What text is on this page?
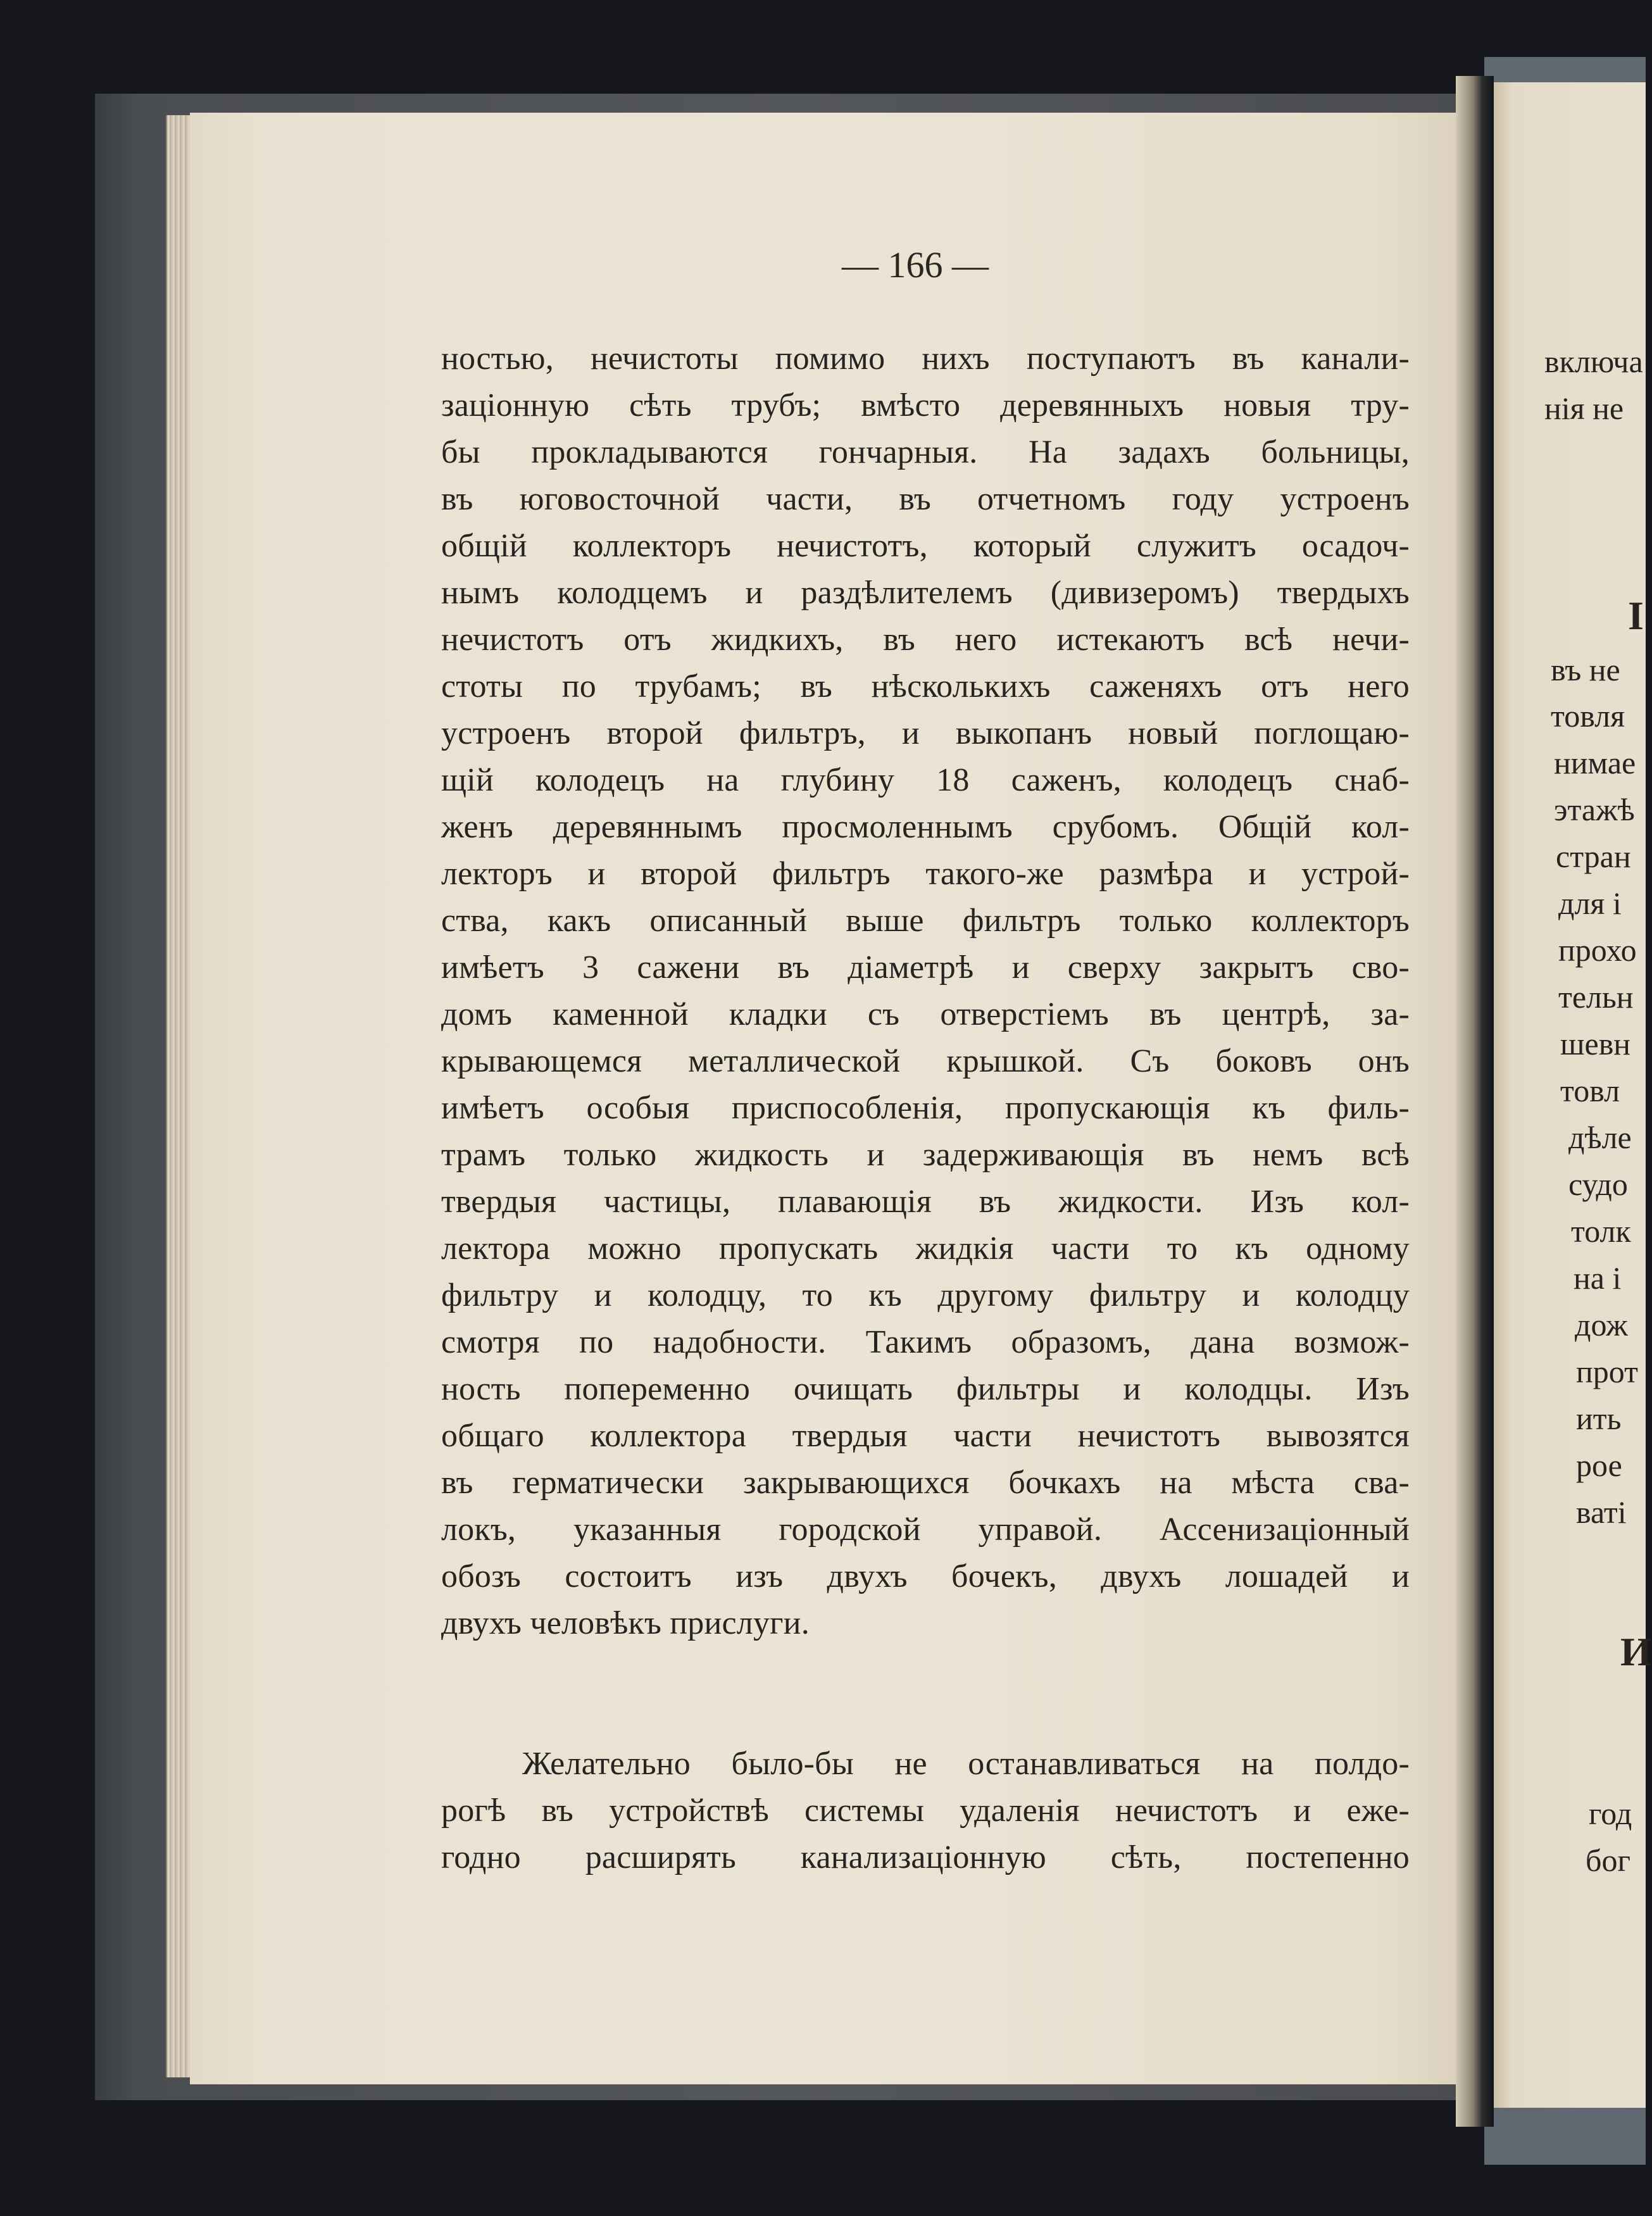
— 166 —
ностью, нечистоты помимо нихъ поступаютъ въ канали-
заціонную сѣть трубъ; вмѣсто деревянныхъ новыя тру-
бы прокладываются гончарныя. На задахъ больницы,
въ юговосточной части, въ отчетномъ году устроенъ
общій коллекторъ нечистотъ, который служитъ осадоч-
нымъ колодцемъ и раздѣлителемъ (дивизеромъ) твердыхъ
нечистотъ отъ жидкихъ, въ него истекаютъ всѣ нечи-
стоты по трубамъ; въ нѣсколькихъ саженяхъ отъ него
устроенъ второй фильтръ, и выкопанъ новый поглощаю-
щій колодецъ на глубину 18 саженъ, колодецъ снаб-
женъ деревяннымъ просмоленнымъ срубомъ. Общій кол-
лекторъ и второй фильтръ такого-же размѣра и устрой-
ства, какъ описанный выше фильтръ только коллекторъ
имѣетъ 3 сажени въ діаметрѣ и сверху закрытъ сво-
домъ каменной кладки съ отверстіемъ въ центрѣ, за-
крывающемся металлической крышкой. Съ боковъ онъ
имѣетъ особыя приспособленія, пропускающія къ филь-
трамъ только жидкость и задерживающія въ немъ всѣ
твердыя частицы, плавающія въ жидкости. Изъ кол-
лектора можно пропускать жидкія части то къ одному
фильтру и колодцу, то къ другому фильтру и колодцу
смотря по надобности. Такимъ образомъ, дана возмож-
ность попеременно очищать фильтры и колодцы. Изъ
общаго коллектора твердыя части нечистотъ вывозятся
въ герматически закрывающихся бочкахъ на мѣста сва-
локъ, указанныя городской управой. Ассенизаціонный
обозъ состоитъ изъ двухъ бочекъ, двухъ лошадей и
двухъ человѣкъ прислуги.
Желательно было-бы не останавливаться на полдо-
рогѣ въ устройствѣ системы удаленія нечистотъ и еже-
годно расширять канализаціонную сѣть, постепенно
включа
нія не
I
въ не
товля
нимае
этажѣ
стран
для і
прохо
тельн
шевн
товл
дѣле
судо
толк
на і
дож
прот
ить
рое
ваті
И
год
бог
